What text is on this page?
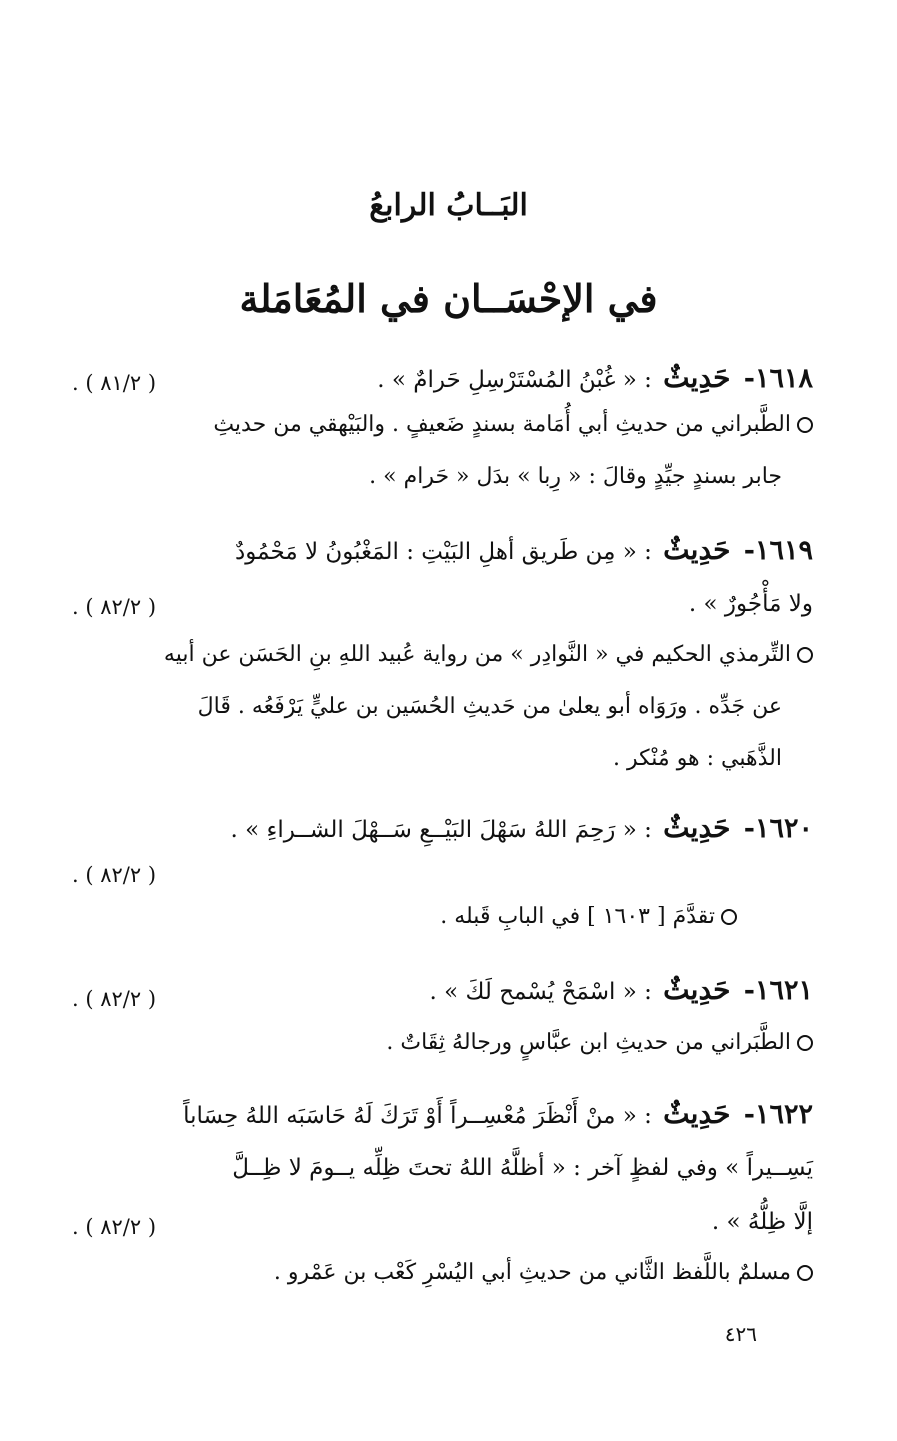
البَــابُ الرابعُ
في الإحْسَــان في المُعَامَلة
١٦١٨- حَدِيثٌ : « غُبْنُ المُسْتَرْسِلِ حَرامٌ » .
( ٨١/٢ ) .
الطَّبراني من حديثِ أبي أُمَامة بسندٍ ضَعيفٍ . والبَيْهقي من حديثِ
جابر بسندٍ جيِّدٍ وقالَ : « رِبا » بدَل « حَرام » .
١٦١٩- حَدِيثٌ : « مِن طَريق أهلِ البَيْتِ : المَغْبُونُ لا مَحْمُودٌ
ولا مَأْجُورٌ » .
( ٨٢/٢ ) .
التِّرمذي الحكيم في « النَّوادِر » من رواية عُبيد اللهِ بنِ الحَسَن عن أبيه
عن جَدِّه . ورَوَاه أبو يعلىٰ من حَديثِ الحُسَين بن عليٍّ يَرْفَعُه . قَالَ
الذَّهَبي : هو مُنْكر .
١٦٢٠- حَدِيثٌ : « رَحِمَ اللهُ سَهْلَ البَيْــعِ سَــهْلَ الشــراءِ » .
( ٨٢/٢ ) .
تقدَّمَ [ ١٦٠٣ ] في البابِ قَبله .
١٦٢١- حَدِيثٌ : « اسْمَحْ يُسْمح لَكَ » .
( ٨٢/٢ ) .
الطَّبَراني من حديثِ ابن عبَّاسٍ ورجالهُ ثِقَاتٌ .
١٦٢٢- حَدِيثٌ : « منْ أَنْظَرَ مُعْسِــراً أَوْ تَرَكَ لَهُ حَاسَبَه اللهُ حِسَاباً
يَسِــيراً » وفي لفظٍ آخر : « أظلَّهُ اللهُ تحتَ ظِلِّه يــومَ لا ظِــلَّ
إلَّا ظِلُّهُ » .
( ٨٢/٢ ) .
مسلمٌ باللَّفظ الثَّاني من حديثِ أبي اليُسْرِ كَعْب بن عَمْرو .
٤٢٦
